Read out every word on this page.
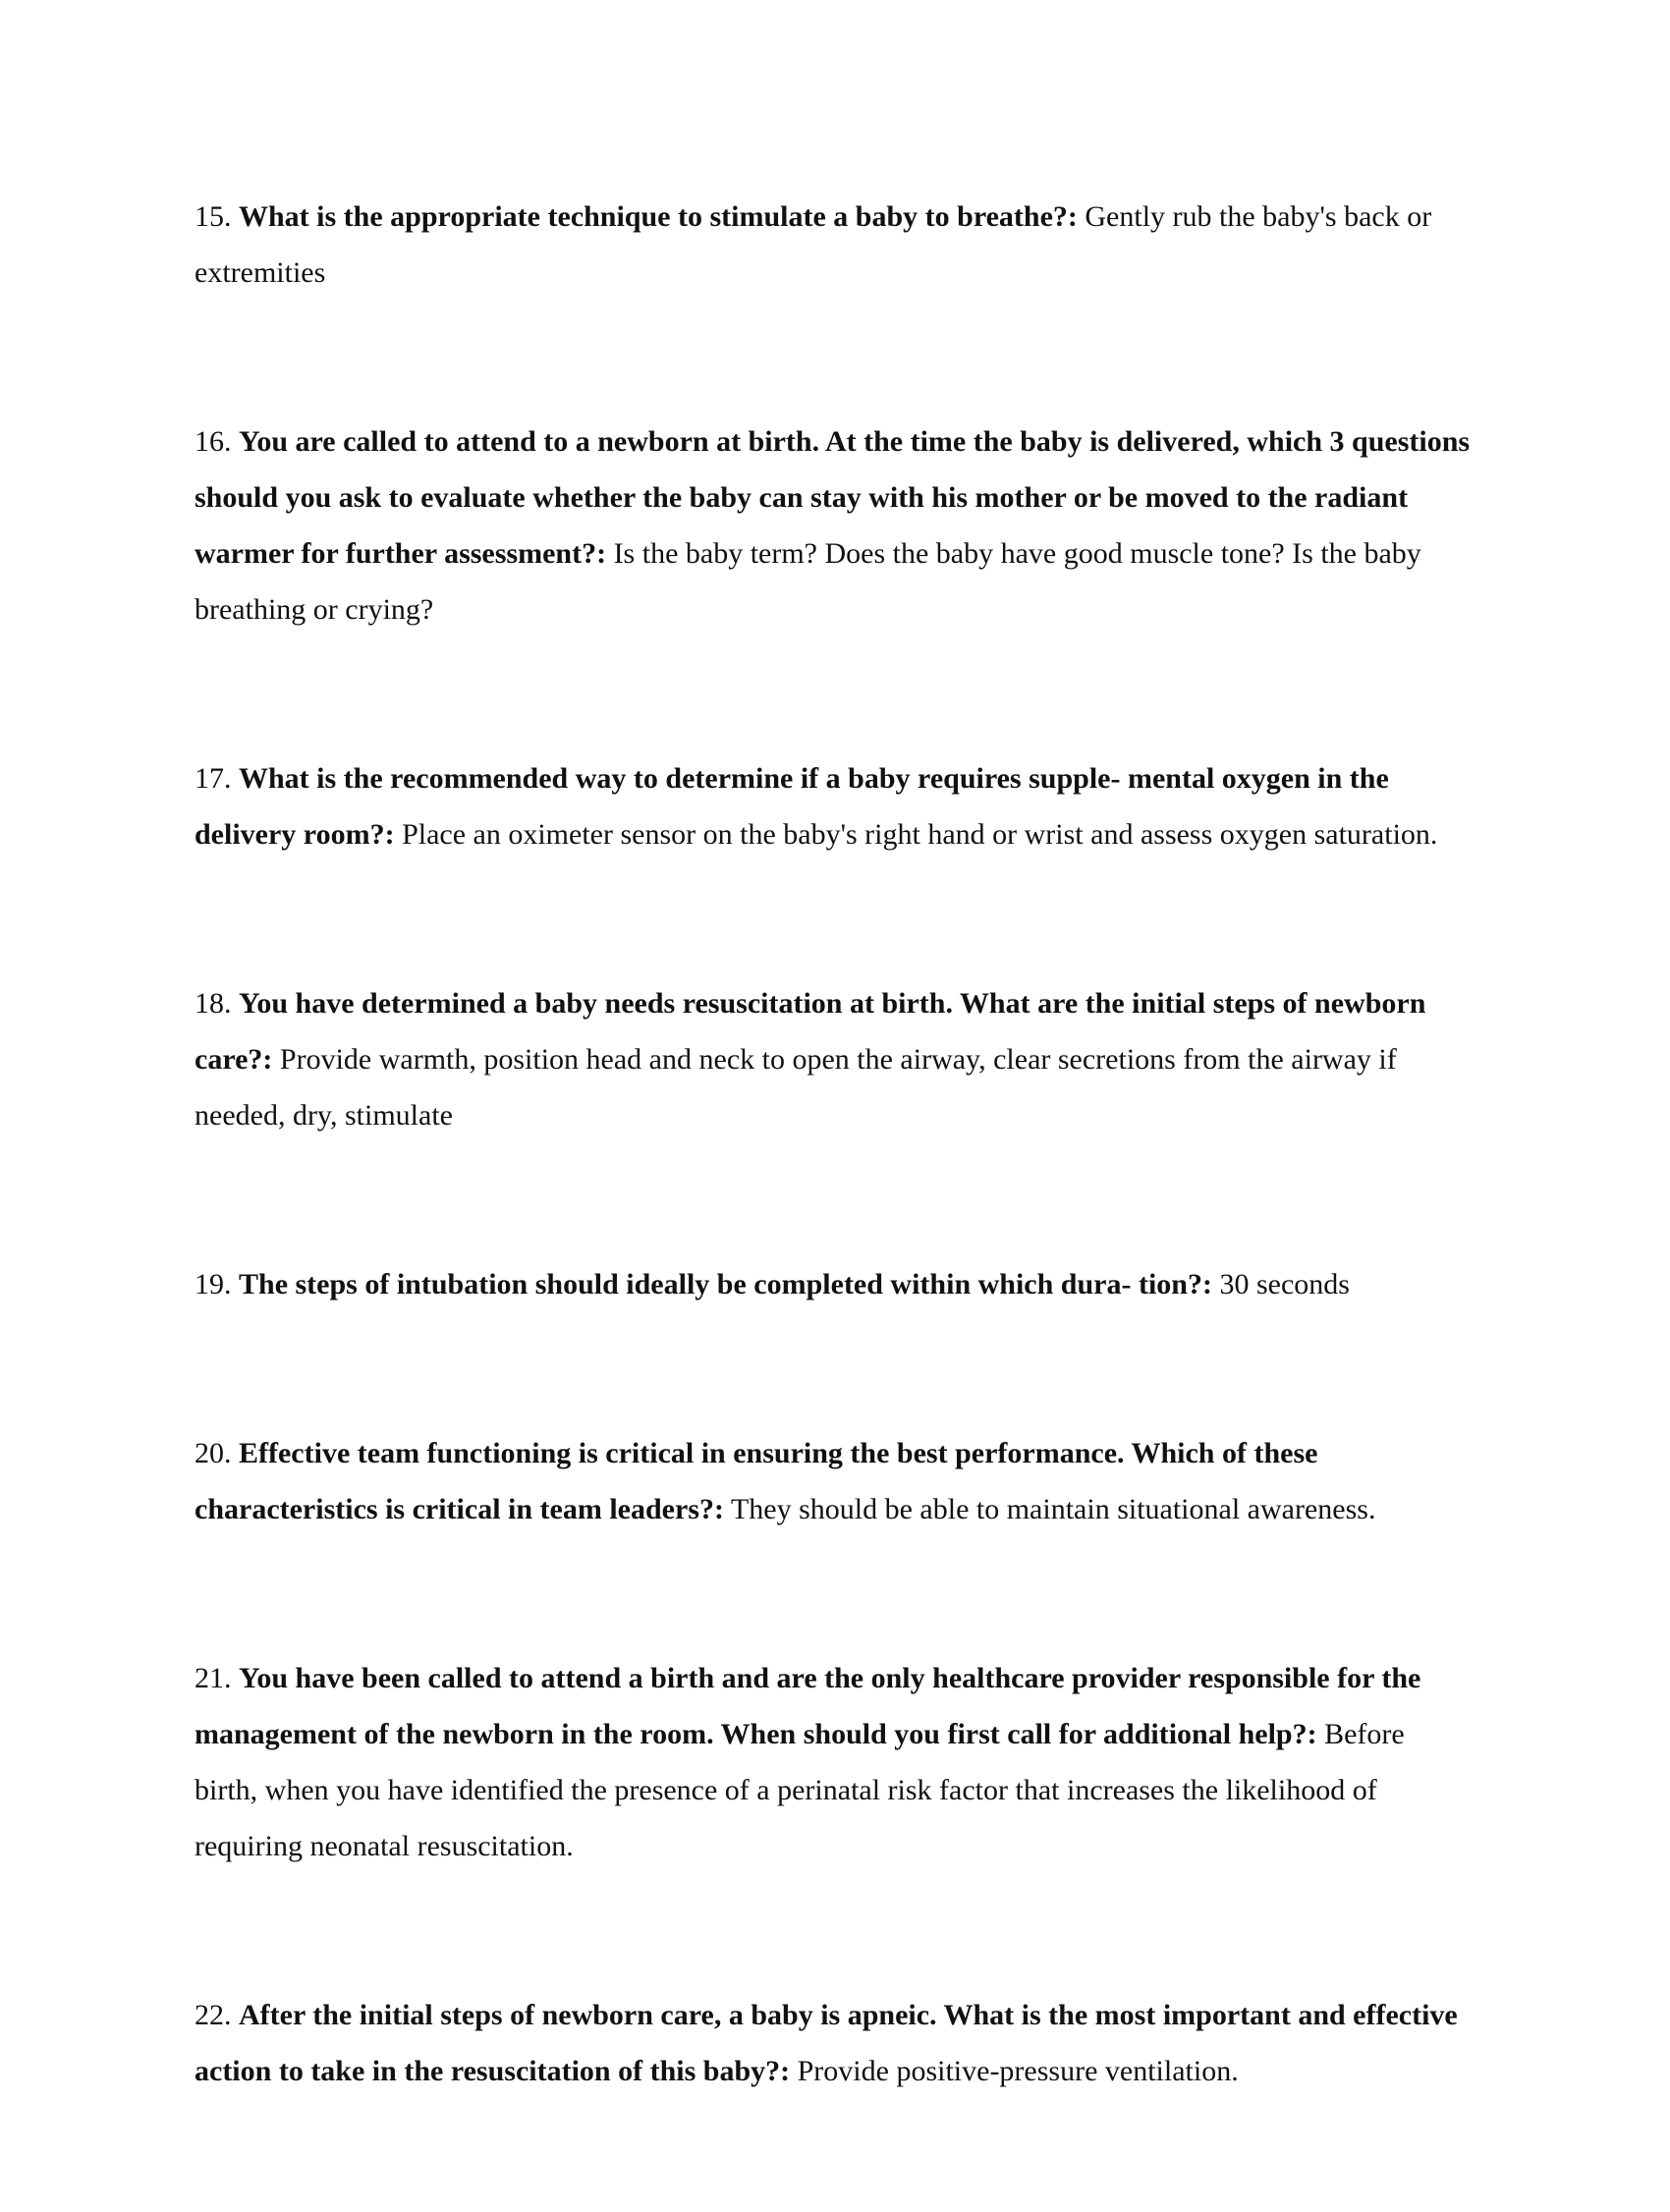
15. What is the appropriate technique to stimulate a baby to breathe?: Gently rub the baby's back or extremities

16. You are called to attend to a newborn at birth. At the time the baby is delivered, which 3 questions should you ask to evaluate whether the baby can stay with his mother or be moved to the radiant warmer for further assessment?: Is the baby term? Does the baby have good muscle tone? Is the baby breathing or crying?

17. What is the recommended way to determine if a baby requires supple- mental oxygen in the delivery room?: Place an oximeter sensor on the baby's right hand or wrist and assess oxygen saturation.

18. You have determined a baby needs resuscitation at birth. What are the initial steps of newborn care?: Provide warmth, position head and neck to open the airway, clear secretions from the airway if needed, dry, stimulate

19. The steps of intubation should ideally be completed within which dura- tion?: 30 seconds

20. Effective team functioning is critical in ensuring the best performance. Which of these characteristics is critical in team leaders?: They should be able to maintain situational awareness.

21. You have been called to attend a birth and are the only healthcare provider responsible for the management of the newborn in the room. When should you first call for additional help?: Before birth, when you have identified the presence of a perinatal risk factor that increases the likelihood of requiring neonatal resuscitation.

22. After the initial steps of newborn care, a baby is apneic. What is the most important and effective action to take in the resuscitation of this baby?: Provide positive-pressure ventilation.
